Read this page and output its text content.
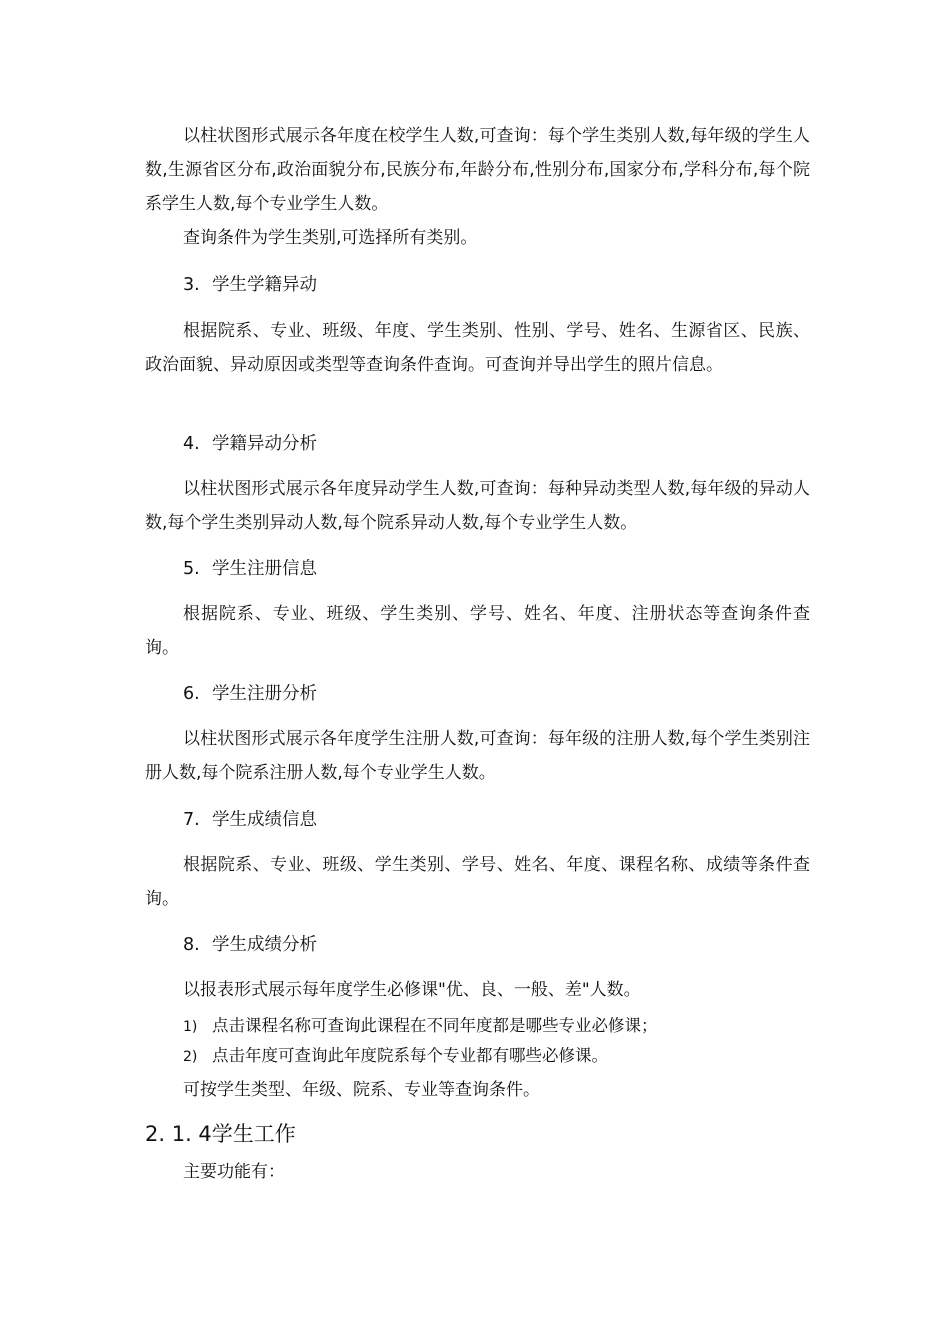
以柱状图形式展示各年度在校学生人数,可查询：每个学生类别人数,每年级的学生人数,生源省区分布,政治面貌分布,民族分布,年龄分布,性别分布,国家分布,学科分布,每个院系学生人数,每个专业学生人数。

查询条件为学生类别,可选择所有类别。

3. 学生学籍异动

根据院系、专业、班级、年度、学生类别、性别、学号、姓名、生源省区、民族、政治面貌、异动原因或类型等查询条件查询。可查询并导出学生的照片信息。

4. 学籍异动分析

以柱状图形式展示各年度异动学生人数,可查询：每种异动类型人数,每年级的异动人数,每个学生类别异动人数,每个院系异动人数,每个专业学生人数。

5. 学生注册信息

根据院系、专业、班级、学生类别、学号、姓名、年度、注册状态等查询条件查询。

6. 学生注册分析

以柱状图形式展示各年度学生注册人数,可查询：每年级的注册人数,每个学生类别注册人数,每个院系注册人数,每个专业学生人数。

7. 学生成绩信息

根据院系、专业、班级、学生类别、学号、姓名、年度、课程名称、成绩等条件查询。

8. 学生成绩分析

以报表形式展示每年度学生必修课"优、良、一般、差"人数。

1) 点击课程名称可查询此课程在不同年度都是哪些专业必修课；

2) 点击年度可查询此年度院系每个专业都有哪些必修课。

可按学生类型、年级、院系、专业等查询条件。

2. 1. 4学生工作

主要功能有：
